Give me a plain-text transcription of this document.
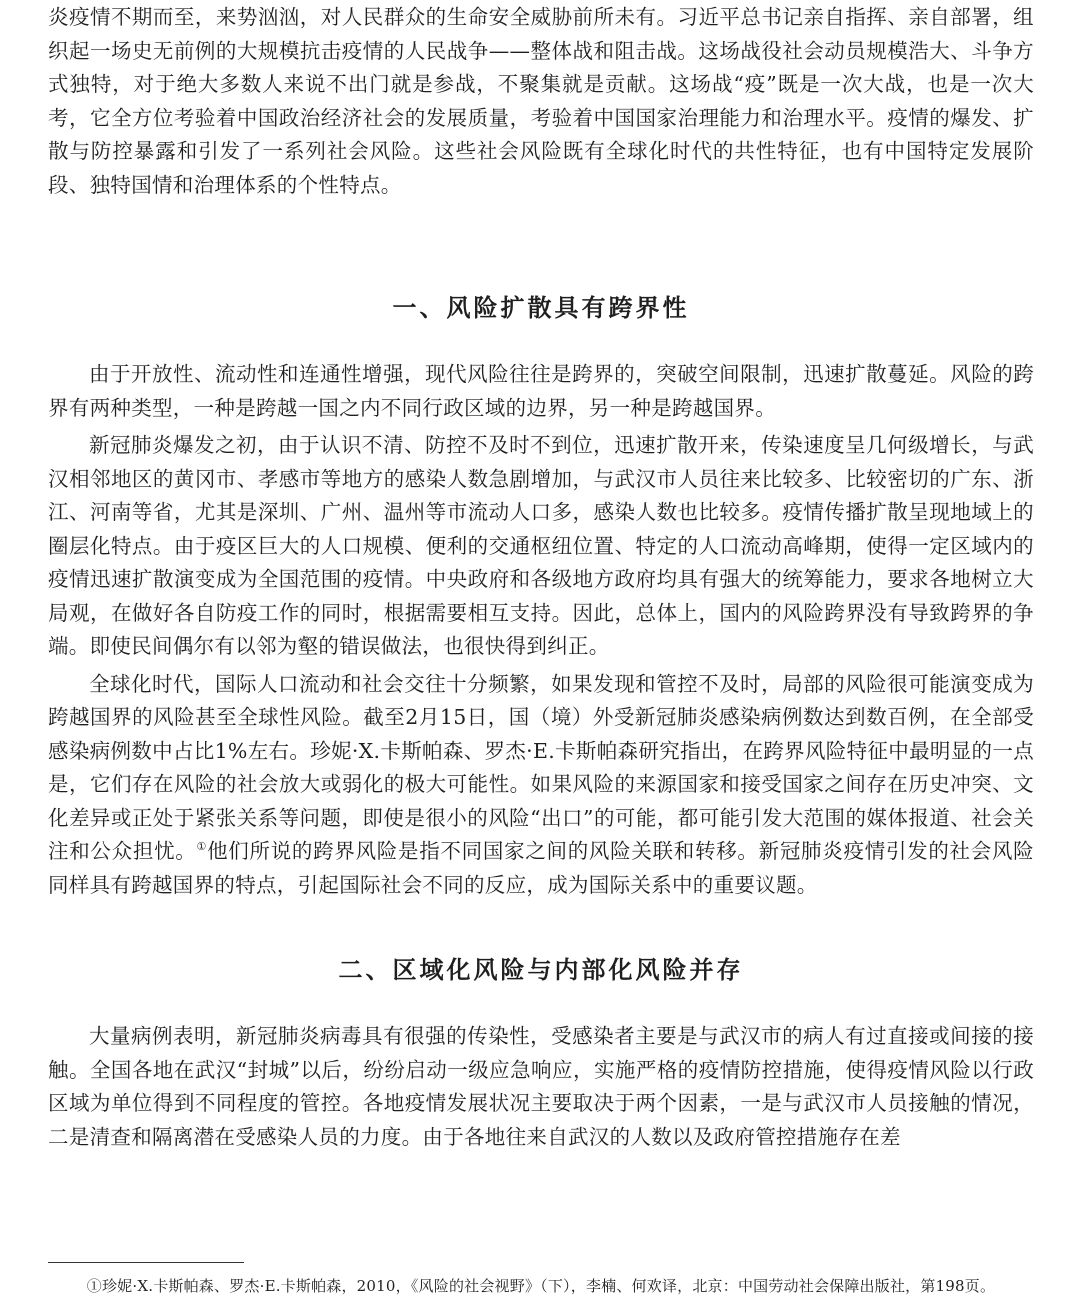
炎疫情不期而至，来势汹汹，对人民群众的生命安全威胁前所未有。习近平总书记亲自指挥、亲自部署，组织起一场史无前例的大规模抗击疫情的人民战争——整体战和阻击战。这场战役社会动员规模浩大、斗争方式独特，对于绝大多数人来说不出门就是参战，不聚集就是贡献。这场战“疫”既是一次大战，也是一次大考，它全方位考验着中国政治经济社会的发展质量，考验着中国国家治理能力和治理水平。疫情的爆发、扩散与防控暴露和引发了一系列社会风险。这些社会风险既有全球化时代的共性特征，也有中国特定发展阶段、独特国情和治理体系的个性特点。

一、风险扩散具有跨界性

由于开放性、流动性和连通性增强，现代风险往往是跨界的，突破空间限制，迅速扩散蔓延。风险的跨界有两种类型，一种是跨越一国之内不同行政区域的边界，另一种是跨越国界。

新冠肺炎爆发之初，由于认识不清、防控不及时不到位，迅速扩散开来，传染速度呈几何级增长，与武汉相邻地区的黄冈市、孝感市等地方的感染人数急剧增加，与武汉市人员往来比较多、比较密切的广东、浙江、河南等省，尤其是深圳、广州、温州等市流动人口多，感染人数也比较多。疫情传播扩散呈现地域上的圈层化特点。由于疫区巨大的人口规模、便利的交通枢纽位置、特定的人口流动高峰期，使得一定区域内的疫情迅速扩散演变成为全国范围的疫情。中央政府和各级地方政府均具有强大的统筹能力，要求各地树立大局观，在做好各自防疫工作的同时，根据需要相互支持。因此，总体上，国内的风险跨界没有导致跨界的争端。即使民间偶尔有以邻为壑的错误做法，也很快得到纠正。

全球化时代，国际人口流动和社会交往十分频繁，如果发现和管控不及时，局部的风险很可能演变成为跨越国界的风险甚至全球性风险。截至2月15日，国（境）外受新冠肺炎感染病例数达到数百例，在全部受感染病例数中占比1%左右。珍妮·X.卡斯帕森、罗杰·E.卡斯帕森研究指出，在跨界风险特征中最明显的一点是，它们存在风险的社会放大或弱化的极大可能性。如果风险的来源国家和接受国家之间存在历史冲突、文化差异或正处于紧张关系等问题，即使是很小的风险“出口”的可能，都可能引发大范围的媒体报道、社会关注和公众担忧。①他们所说的跨界风险是指不同国家之间的风险关联和转移。新冠肺炎疫情引发的社会风险同样具有跨越国界的特点，引起国际社会不同的反应，成为国际关系中的重要议题。

二、区域化风险与内部化风险并存

大量病例表明，新冠肺炎病毒具有很强的传染性，受感染者主要是与武汉市的病人有过直接或间接的接触。全国各地在武汉“封城”以后，纷纷启动一级应急响应，实施严格的疫情防控措施，使得疫情风险以行政区域为单位得到不同程度的管控。各地疫情发展状况主要取决于两个因素，一是与武汉市人员接触的情况，二是清查和隔离潜在受感染人员的力度。由于各地往来自武汉的人数以及政府管控措施存在差

①珍妮·X.卡斯帕森、罗杰·E.卡斯帕森，2010，《风险的社会视野》（下），李楠、何欢译，北京：中国劳动社会保障出版社，第198页。
